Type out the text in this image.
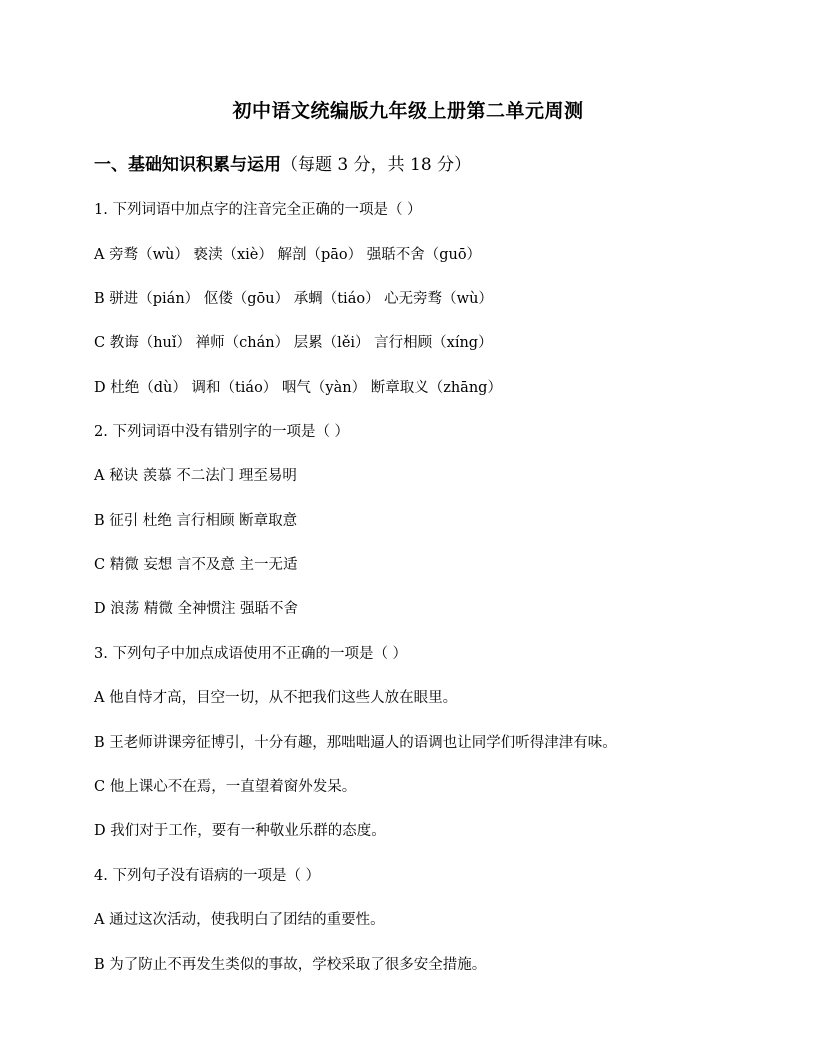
初中语文统编版九年级上册第二单元周测
一、基础知识积累与运用（每题 3 分，共 18 分）
1. 下列词语中加点字的注音完全正确的一项是（ ）
A 旁骛（wù） 亵渎（xiè） 解剖（pāo） 强聒不舍（guō）
B 骈进（pián） 伛偻（gōu） 承蜩（tiáo） 心无旁骛（wù）
C 教诲（huǐ） 禅师（chán） 层累（lěi） 言行相顾（xíng）
D 杜绝（dù） 调和（tiáo） 咽气（yàn） 断章取义（zhāng）
2. 下列词语中没有错别字的一项是（ ）
A 秘诀 羡慕 不二法门 理至易明
B 征引 杜绝 言行相顾 断章取意
C 精微 妄想 言不及意 主一无适
D 浪荡 精微 全神惯注 强聒不舍
3. 下列句子中加点成语使用不正确的一项是（ ）
A 他自恃才高，目空一切，从不把我们这些人放在眼里。
B 王老师讲课旁征博引，十分有趣，那咄咄逼人的语调也让同学们听得津津有味。
C 他上课心不在焉，一直望着窗外发呆。
D 我们对于工作，要有一种敬业乐群的态度。
4. 下列句子没有语病的一项是（ ）
A 通过这次活动，使我明白了团结的重要性。
B 为了防止不再发生类似的事故，学校采取了很多安全措施。
